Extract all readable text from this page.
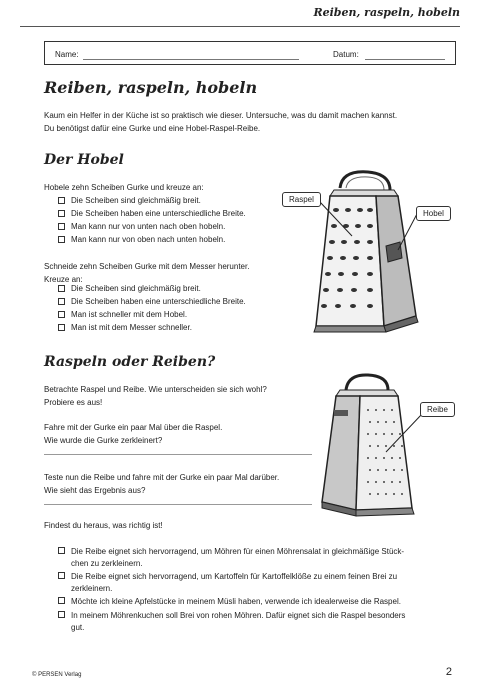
Reiben, raspeln, hobeln
Name:	Datum:
Reiben, raspeln, hobeln
Kaum ein Helfer in der Küche ist so praktisch wie dieser. Untersuche, was du damit machen kannst.
Du benötigst dafür eine Gurke und eine Hobel-Raspel-Reibe.
Der Hobel
Hobele zehn Scheiben Gurke und kreuze an:
Die Scheiben sind gleichmäßig breit.
Die Scheiben haben eine unterschiedliche Breite.
Man kann nur von unten nach oben hobeln.
Man kann nur von oben nach unten hobeln.
Schneide zehn Scheiben Gurke mit dem Messer herunter.
Kreuze an:
Die Scheiben sind gleichmäßig breit.
Die Scheiben haben eine unterschiedliche Breite.
Man ist schneller mit dem Hobel.
Man ist mit dem Messer schneller.
Raspel
Hobel
Raspeln oder Reiben?
Betrachte Raspel und Reibe. Wie unterscheiden sie sich wohl?
Probiere es aus!
Fahre mit der Gurke ein paar Mal über die Raspel.
Wie wurde die Gurke zerkleinert?
Teste nun die Reibe und fahre mit der Gurke ein paar Mal darüber.
Wie sieht das Ergebnis aus?
Findest du heraus, was richtig ist!
Die Reibe eignet sich hervorragend, um Möhren für einen Möhrensalat in gleichmäßige Stück-
chen zu zerkleinern.
Die Reibe eignet sich hervorragend, um Kartoffeln für Kartoffelklöße zu einem feinen Brei zu
zerkleinern.
Möchte ich kleine Apfelstücke in meinem Müsli haben, verwende ich idealerweise die Raspel.
In meinem Möhrenkuchen soll Brei von rohen Möhren. Dafür eignet sich die Raspel besonders
gut.
Reibe
© PERSEN Verlag	2
